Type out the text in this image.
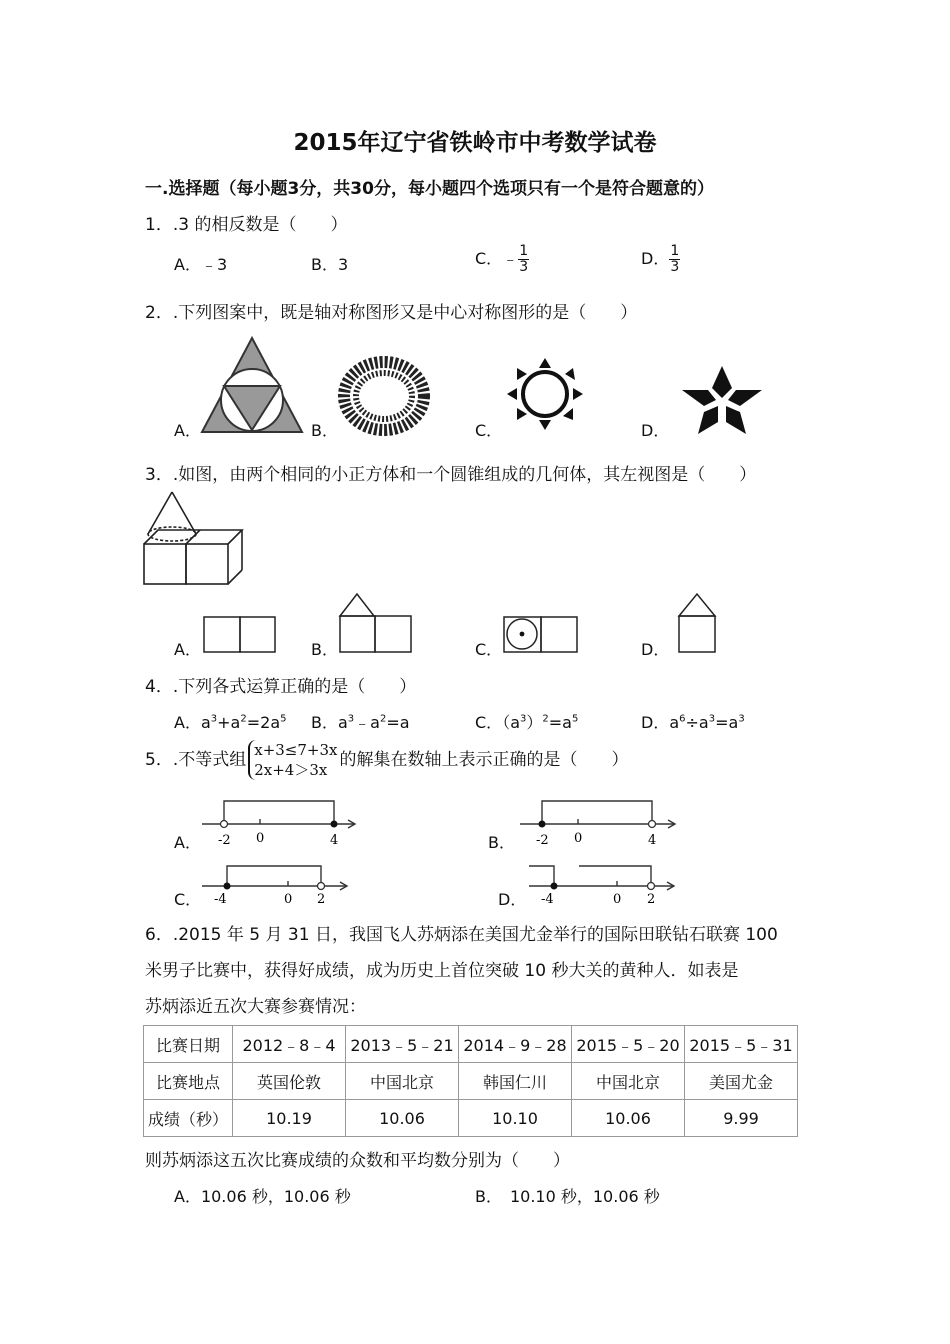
2015年辽宁省铁岭市中考数学试卷
一.选择题（每小题3分，共30分，每小题四个选项只有一个是符合题意的）
1．.3 的相反数是（　　）
A．﹣3	B．3	C．﹣ $\frac{1}{3}$	D． $\frac{1}{3}$
2．.下列图案中，既是轴对称图形又是中心对称图形的是（　　）
A．	B．	C．	D．
3．.如图，由两个相同的小正方体和一个圆锥组成的几何体，其左视图是（　　）
A．	B．	C．	D．
4．.下列各式运算正确的是（　　）
A．$a^3+a^2=2a^5$ B．$a^3﹣a^2=a$	C．$(a^3)^2=a^5$	D．$a^6\div a^3=a^3$
5．.不等式组 x+3≤7+3x
2x+4＞3x 的解集在数轴上表示正确的是（　　）
A．	B．
C．	D．
-2 0	4	-2 0	4
-4	0 2	-4	0 2
6．.2015 年 5 月 31 日，我国飞人苏炳添在美国尤金举行的国际田联钻石联赛 100
米男子比赛中，获得好成绩，成为历史上首位突破 10 秒大关的黄种人．如表是
苏炳添近五次大赛参赛情况：
比赛日期	2012﹣8﹣4	2013﹣5﹣21	2014﹣9﹣28	2015﹣5﹣20	2015﹣5﹣31
比赛地点	英国伦敦	中国北京	韩国仁川	中国北京	美国尤金
成绩（秒）	10.19	10.06	10.10	10.06	9.99
则苏炳添这五次比赛成绩的众数和平均数分别为（　　）
A．10.06 秒，10.06 秒	B．　10.10 秒，10.06 秒
